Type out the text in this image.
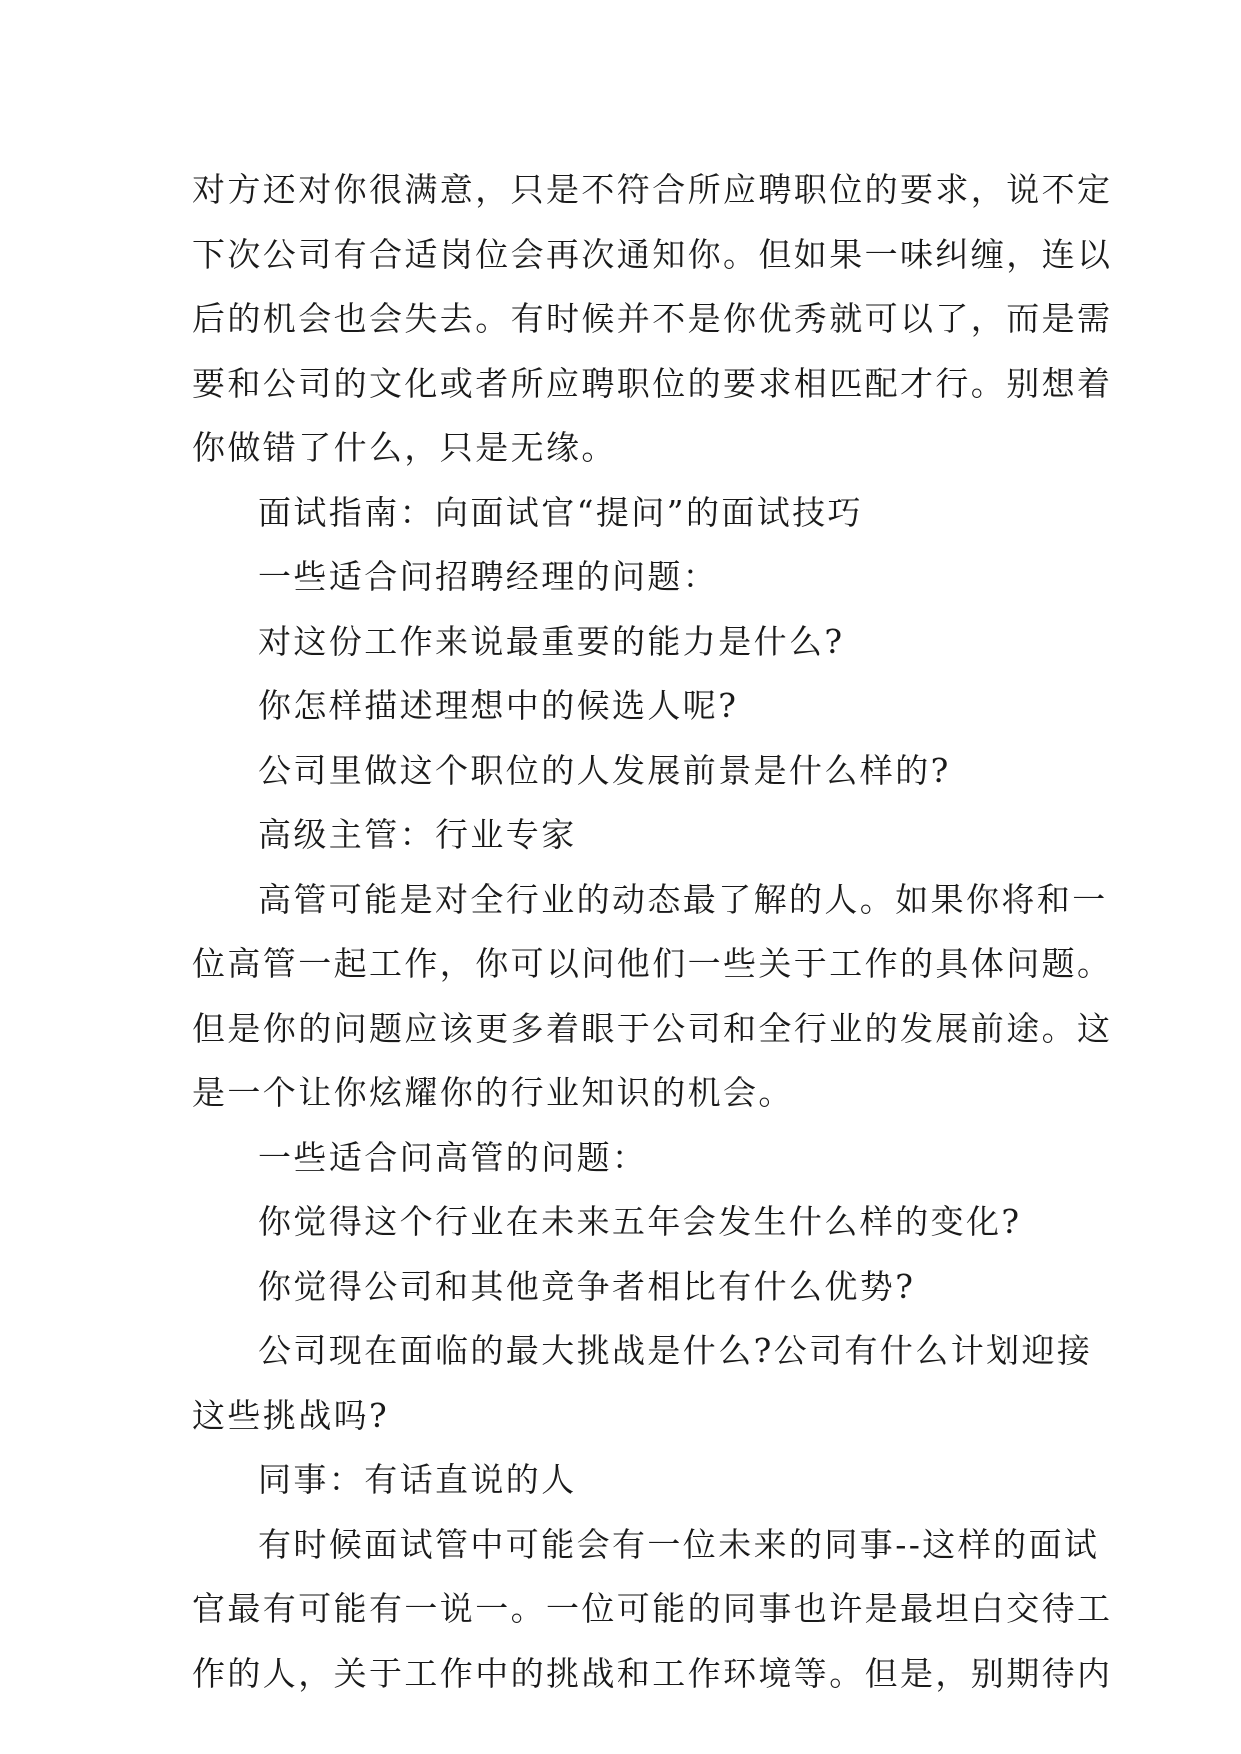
对方还对你很满意，只是不符合所应聘职位的要求，说不定
下次公司有合适岗位会再次通知你。但如果一味纠缠，连以
后的机会也会失去。有时候并不是你优秀就可以了，而是需
要和公司的文化或者所应聘职位的要求相匹配才行。别想着
你做错了什么，只是无缘。
面试指南：向面试官“提问”的面试技巧
一些适合问招聘经理的问题：
对这份工作来说最重要的能力是什么?
你怎样描述理想中的候选人呢?
公司里做这个职位的人发展前景是什么样的?
高级主管：行业专家
高管可能是对全行业的动态最了解的人。如果你将和一
位高管一起工作，你可以问他们一些关于工作的具体问题。
但是你的问题应该更多着眼于公司和全行业的发展前途。这
是一个让你炫耀你的行业知识的机会。
一些适合问高管的问题：
你觉得这个行业在未来五年会发生什么样的变化?
你觉得公司和其他竞争者相比有什么优势?
公司现在面临的最大挑战是什么?公司有什么计划迎接
这些挑战吗?
同事：有话直说的人
有时候面试管中可能会有一位未来的同事--这样的面试
官最有可能有一说一。一位可能的同事也许是最坦白交待工
作的人，关于工作中的挑战和工作环境等。但是，别期待内
